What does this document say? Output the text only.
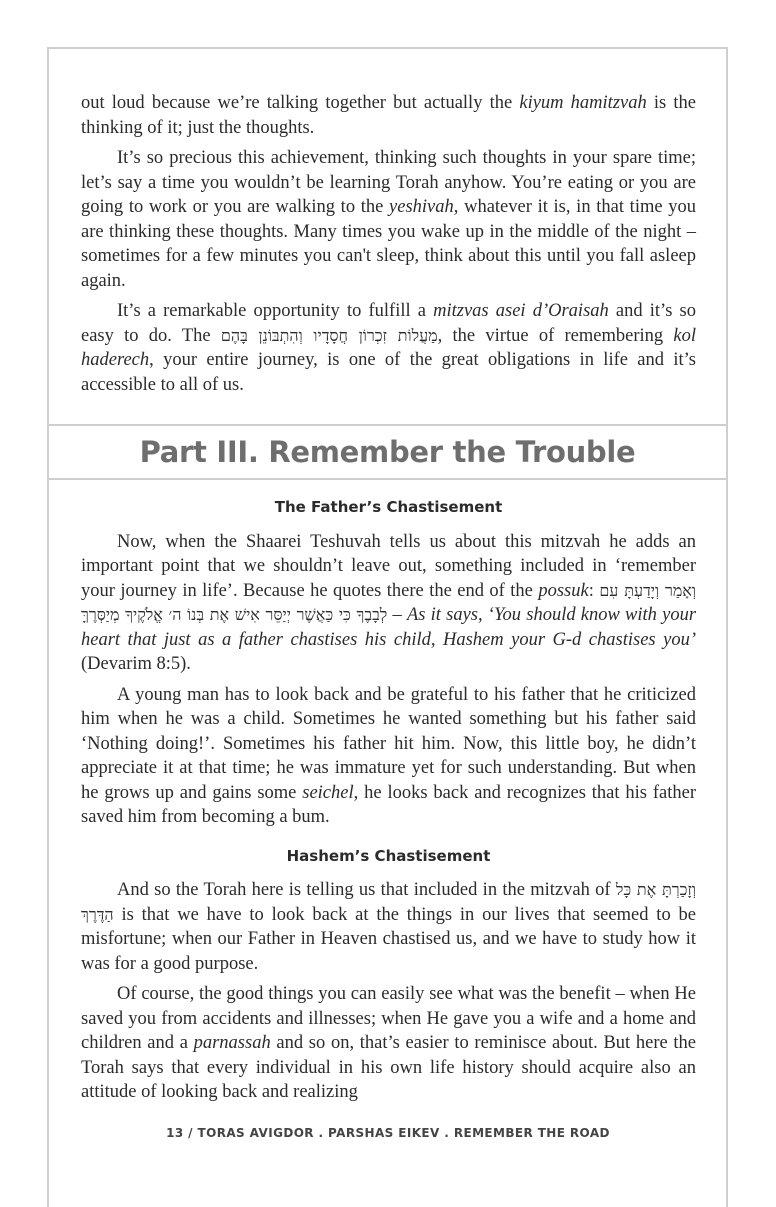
out loud because we’re talking together but actually the kiyum hamitzvah is the thinking of it; just the thoughts.

It’s so precious this achievement, thinking such thoughts in your spare time; let’s say a time you wouldn’t be learning Torah anyhow. You’re eating or you are going to work or you are walking to the yeshivah, whatever it is, in that time you are thinking these thoughts. Many times you wake up in the middle of the night – sometimes for a few minutes you can't sleep, think about this until you fall asleep again.

It’s a remarkable opportunity to fulfill a mitzvas asei d’Oraisah and it’s so easy to do. The מַעֲלוֹת זִכְרוֹן חֲסָדָיו וְהִתְבּוֹנֵן בָּהֶם, the virtue of remembering kol haderech, your entire journey, is one of the great obligations in life and it’s accessible to all of us.

Part III. Remember the Trouble
The Father’s Chastisement

Now, when the Shaarei Teshuvah tells us about this mitzvah he adds an important point that we shouldn’t leave out, something included in ‘remember your journey in life’. Because he quotes there the end of the possuk: וְאָמַר וְיָדַעְתָּ עִם לְבָבֶךָ כִּי כַּאֲשֶׁר יְיַסֵּר אִישׁ אֶת בְּנוֹ ה׳ אֱלֹקֶיךָ מְיַסְּרֶךָּ – As it says, ‘You should know with your heart that just as a father chastises his child, Hashem your G-d chastises you’ (Devarim 8:5).

A young man has to look back and be grateful to his father that he criticized him when he was a child. Sometimes he wanted something but his father said ‘Nothing doing!’. Sometimes his father hit him. Now, this little boy, he didn’t appreciate it at that time; he was immature yet for such understanding. But when he grows up and gains some seichel, he looks back and recognizes that his father saved him from becoming a bum.

Hashem’s Chastisement

And so the Torah here is telling us that included in the mitzvah of וְזָכַרְתָּ אֶת כָּל הַדֶּרֶךְ is that we have to look back at the things in our lives that seemed to be misfortune; when our Father in Heaven chastised us, and we have to study how it was for a good purpose.

Of course, the good things you can easily see what was the benefit – when He saved you from accidents and illnesses; when He gave you a wife and a home and children and a parnassah and so on, that’s easier to reminisce about. But here the Torah says that every individual in his own life history should acquire also an attitude of looking back and realizing

13 / TORAS AVIGDOR . PARSHAS EIKEV . REMEMBER THE ROAD
